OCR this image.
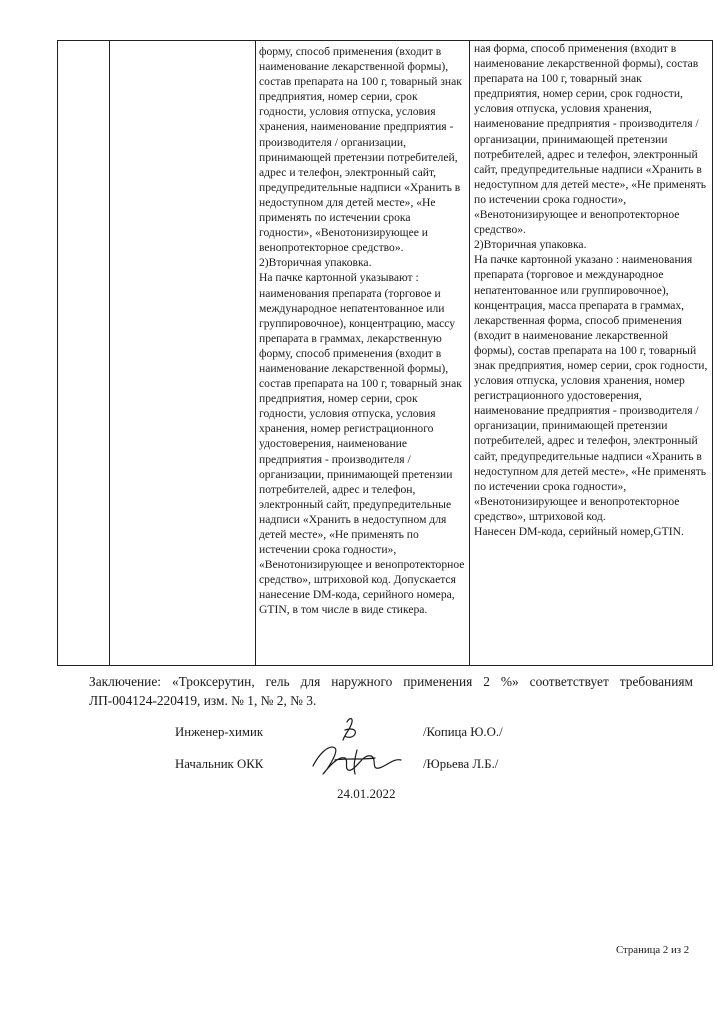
форму, способ применения (входит в наименование лекарственной формы), состав препарата на 100 г, товарный знак предприятия, номер серии, срок годности, условия отпуска, условия хранения, наименование предприятия - производителя / организации, принимающей претензии потребителей, адрес и телефон, электронный сайт, предупредительные надписи «Хранить в недоступном для детей месте», «Не применять по истечении срока годности», «Венотонизирующее и венопротекторное средство».

2)Вторичная упаковка.

На пачке картонной указывают : наименования препарата (торговое и международное непатентованное или группировочное), концентрацию, массу препарата в граммах, лекарственную форму, способ применения (входит в наименование лекарственной формы), состав препарата на 100 г, товарный знак предприятия, номер серии, срок годности, условия отпуска, условия хранения, номер регистрационного удостоверения, наименование предприятия - производителя / организации, принимающей претензии потребителей, адрес и телефон, электронный сайт, предупредительные надписи «Хранить в недоступном для детей месте», «Не применять по истечении срока годности», «Венотонизирующее и венопротекторное средство», штриховой код. Допускается нанесение DM-кода, серийного номера, GTIN, в том числе в виде стикера.

ная форма, способ применения (входит в наименование лекарственной формы), состав препарата на 100 г, товарный знак предприятия, номер серии, срок годности, условия отпуска, условия хранения, наименование предприятия - производителя / организации, принимающей претензии потребителей, адрес и телефон, электронный сайт, предупредительные надписи «Хранить в недоступном для детей месте», «Не применять по истечении срока годности», «Венотонизирующее и венопротекторное средство».

2)Вторичная упаковка.

На пачке картонной указано : наименования препарата (торговое и международное непатентованное или группировочное), концентрация, масса препарата в граммах, лекарственная форма, способ применения (входит в наименование лекарственной формы), состав препарата на 100 г, товарный знак предприятия, номер серии, срок годности, условия отпуска, условия хранения, номер регистрационного удостоверения, наименование предприятия - производителя / организации, принимающей претензии потребителей, адрес и телефон, электронный сайт, предупредительные надписи «Хранить в недоступном для детей месте», «Не применять по истечении срока годности», «Венотонизирующее и венопротекторное средство», штриховой код.

Нанесен DM-кода, серийный номер,GTIN.

Заключение: «Троксерутин, гель для наружного применения 2 %» соответствует требованиям
ЛП-004124-220419, изм. № 1, № 2, № 3.
Инженер-химик	/Копица Ю.О./
Начальник ОКК	/Юрьева Л.Б./
24.01.2022
Страница 2 из 2
